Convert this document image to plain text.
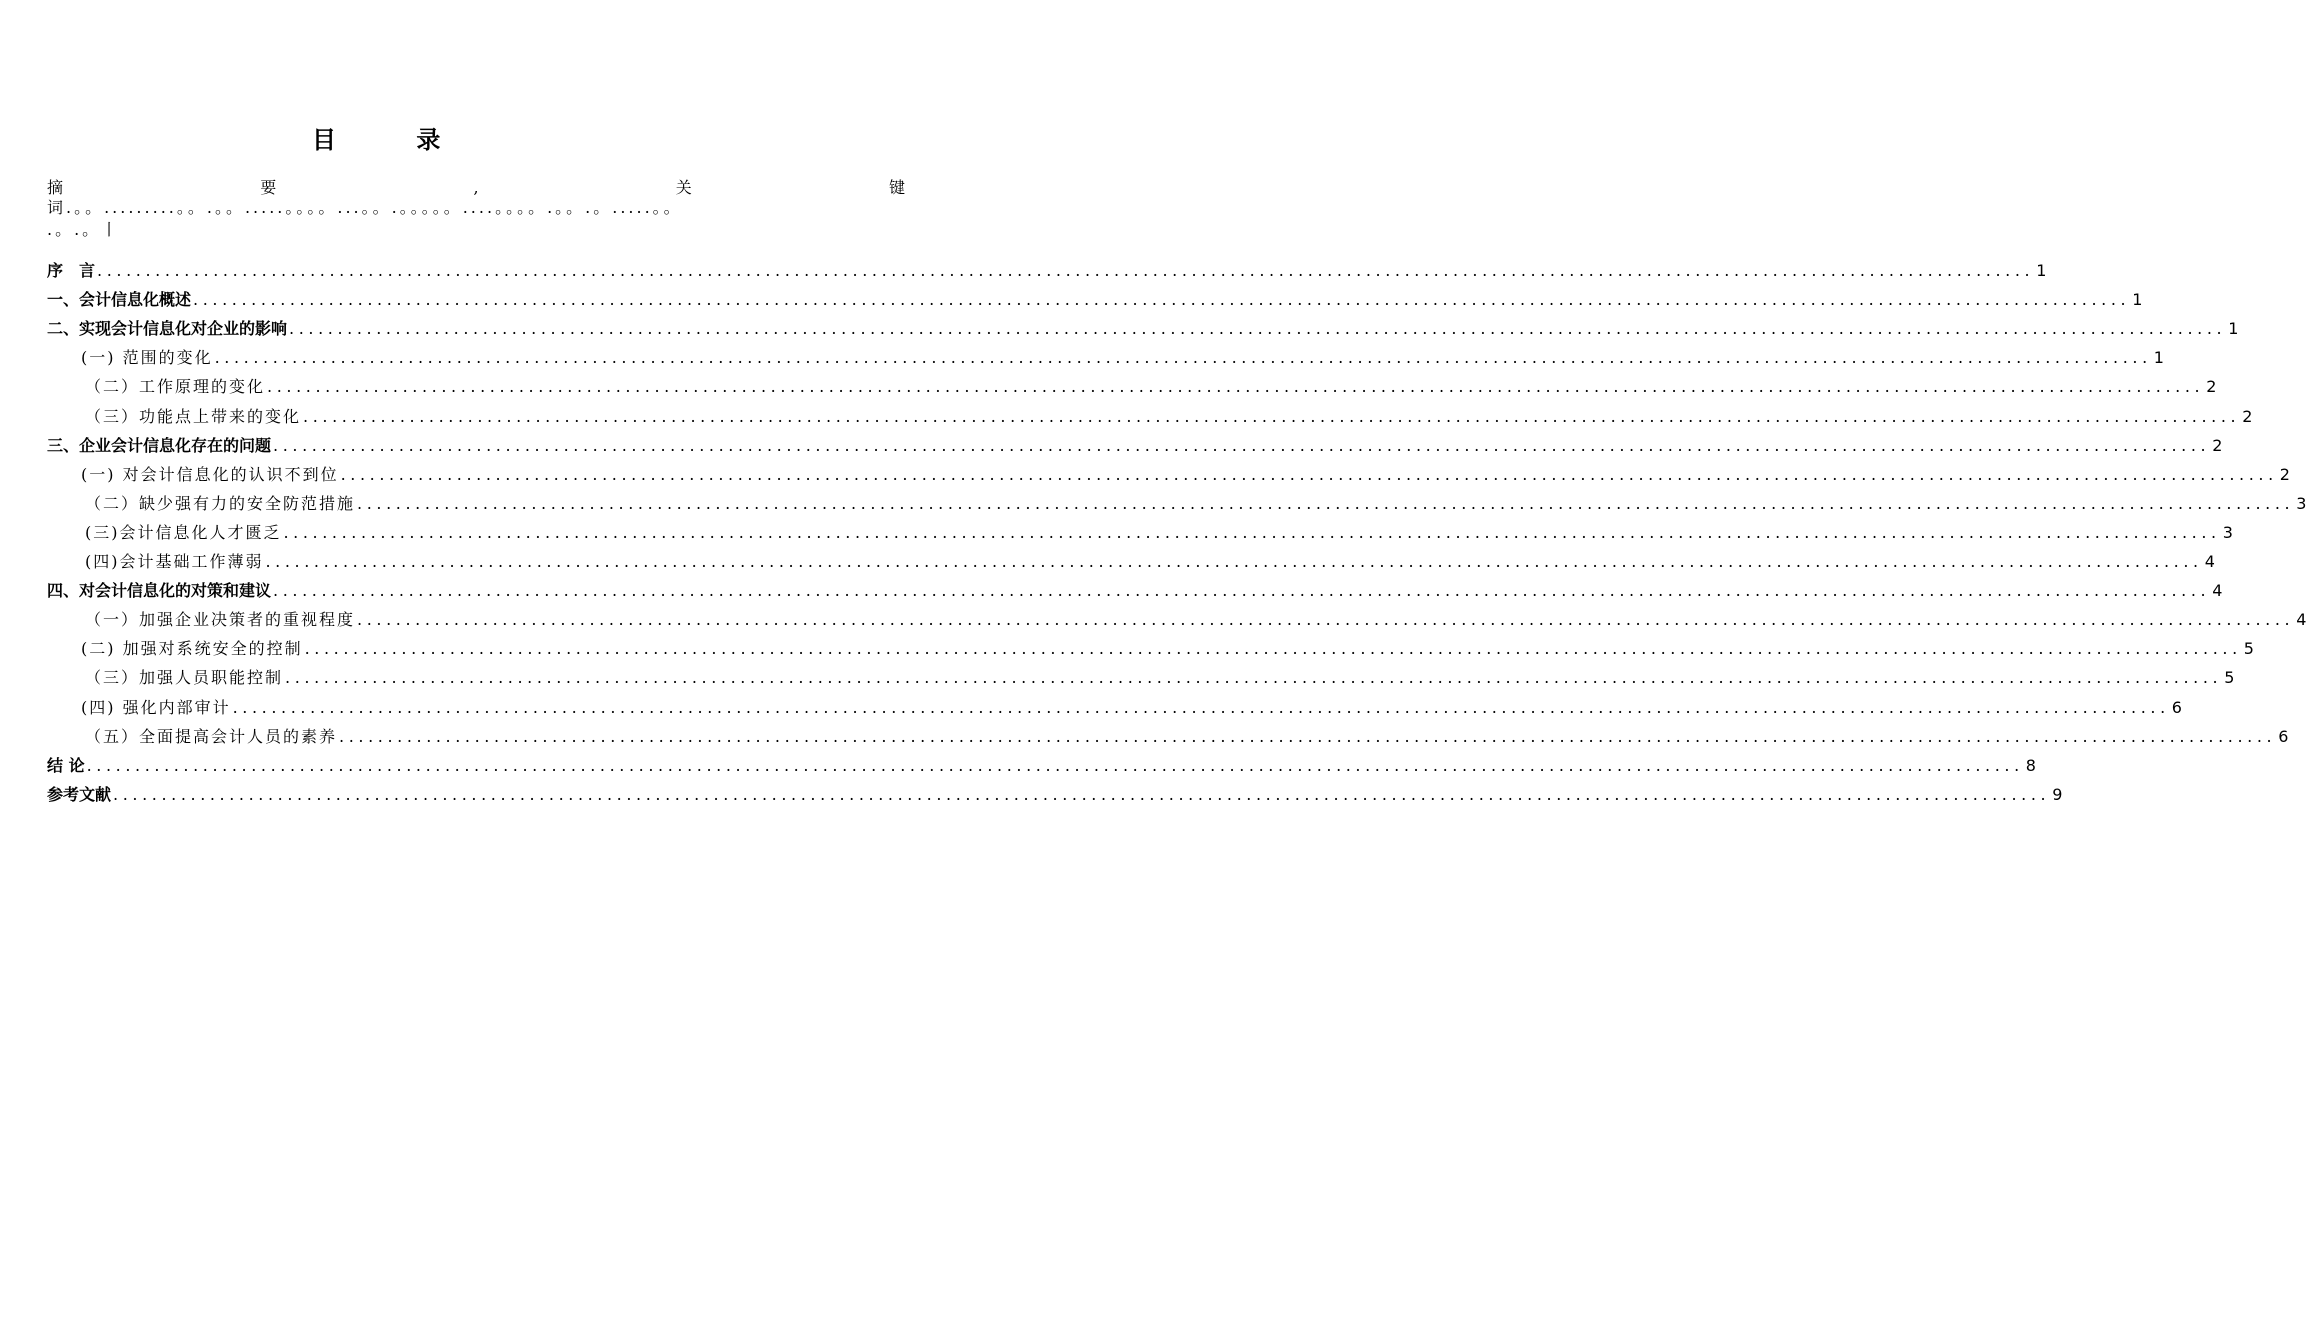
目 录
摘	要	,	关	键
词.。。.........。。.。。.....。。。。...。。.。。。。。....。。。。.。。.。.....。。
.。.。丨
序　言 ........................................................................................................................................................................................................ 1
一、会计信息化概述 ........................................................................................................................................................................................................ 1
二、实现会计信息化对企业的影响 ........................................................................................................................................................................................................ 1
(一) 范围的变化 ........................................................................................................................................................................................................ 1
（二）工作原理的变化 ........................................................................................................................................................................................................ 2
（三）功能点上带来的变化 ........................................................................................................................................................................................................ 2
三、企业会计信息化存在的问题 ........................................................................................................................................................................................................ 2
(一) 对会计信息化的认识不到位 ........................................................................................................................................................................................................ 2
（二）缺少强有力的安全防范措施 ........................................................................................................................................................................................................ 3
(三)会计信息化人才匮乏 ........................................................................................................................................................................................................ 3
(四)会计基础工作薄弱 ........................................................................................................................................................................................................ 4
四、对会计信息化的对策和建议 ........................................................................................................................................................................................................ 4
（一）加强企业决策者的重视程度 ........................................................................................................................................................................................................ 4
(二) 加强对系统安全的控制 ........................................................................................................................................................................................................ 5
（三）加强人员职能控制 ........................................................................................................................................................................................................ 5
(四) 强化内部审计 ........................................................................................................................................................................................................ 6
（五）全面提高会计人员的素养 ........................................................................................................................................................................................................ 6
结 论 ........................................................................................................................................................................................................ 8
参考文献 ........................................................................................................................................................................................................ 9
